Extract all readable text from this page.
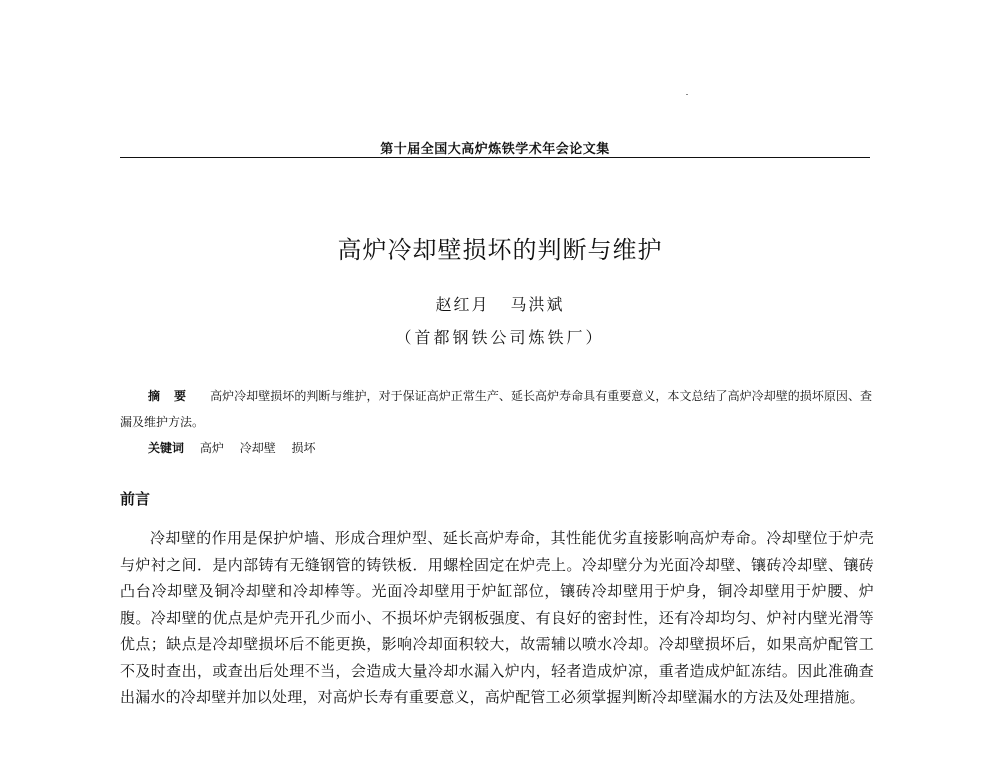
第十届全国大高炉炼铁学术年会论文集
高炉冷却壁损坏的判断与维护
赵红月 马洪斌
（首都钢铁公司炼铁厂）
摘要 高炉冷却壁损坏的判断与维护，对于保证高炉正常生产、延长高炉寿命具有重要意义，本文总结了高炉冷却壁的损坏原因、查漏及维护方法。
关键词 高炉 冷却壁 损坏
前言

冷却壁的作用是保护炉墙、形成合理炉型、延长高炉寿命，其性能优劣直接影响高炉寿命。冷却壁位于炉壳与炉衬之间．是内部铸有无缝钢管的铸铁板．用螺栓固定在炉壳上。冷却壁分为光面冷却壁、镶砖冷却壁、镶砖凸台冷却壁及铜冷却壁和冷却棒等。光面冷却壁用于炉缸部位，镶砖冷却壁用于炉身，铜冷却壁用于炉腰、炉腹。冷却壁的优点是炉壳开孔少而小、不损坏炉壳钢板强度、有良好的密封性，还有冷却均匀、炉衬内壁光滑等优点；缺点是冷却壁损坏后不能更换，影响冷却面积较大，故需辅以喷水冷却。冷却壁损坏后，如果高炉配管工不及时查出，或查出后处理不当，会造成大量冷却水漏入炉内，轻者造成炉凉，重者造成炉缸冻结。因此准确查出漏水的冷却壁并加以处理，对高炉长寿有重要意义，高炉配管工必须掌握判断冷却壁漏水的方法及处理措施。
